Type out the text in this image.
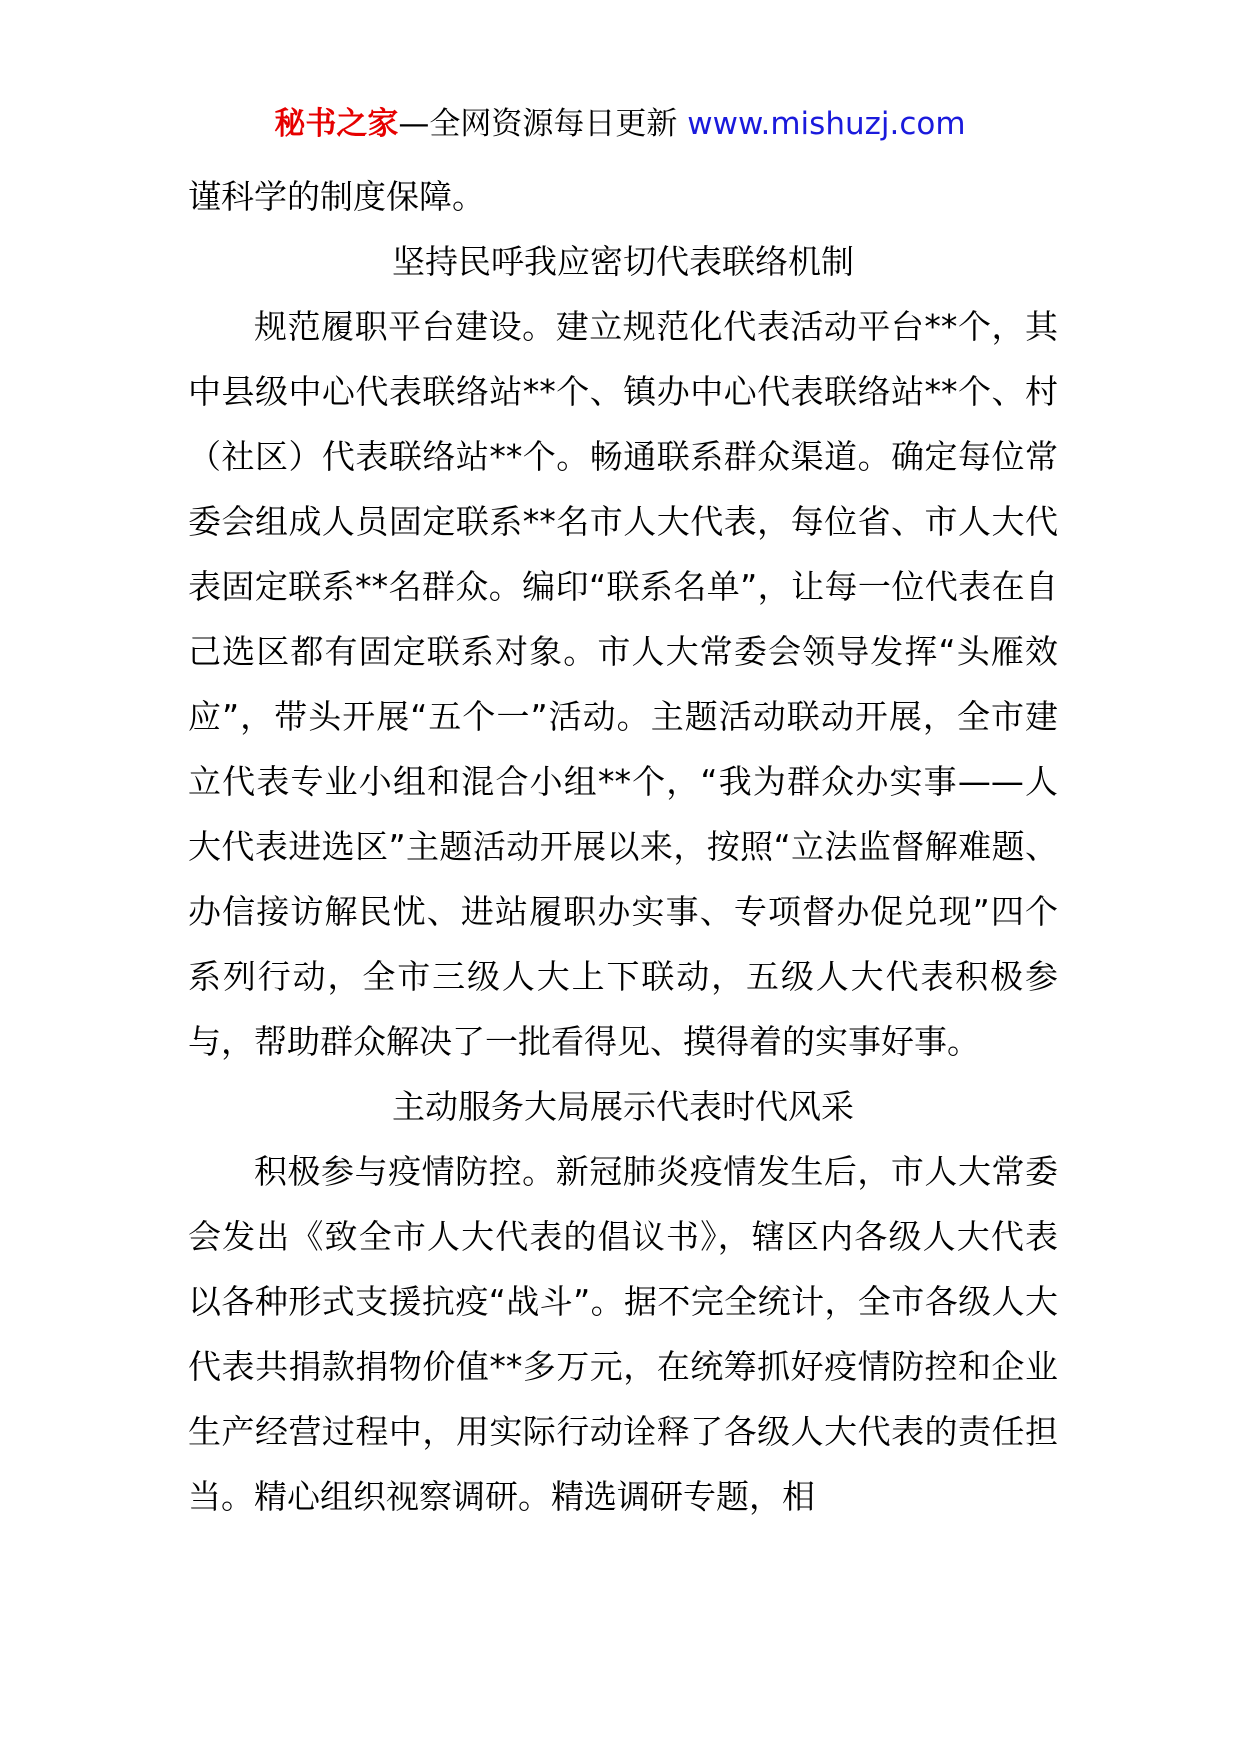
秘书之家—全网资源每日更新 www.mishuzj.com

谨科学的制度保障。

坚持民呼我应密切代表联络机制

规范履职平台建设。建立规范化代表活动平台**个，其中县级中心代表联络站**个、镇办中心代表联络站**个、村（社区）代表联络站**个。畅通联系群众渠道。确定每位常委会组成人员固定联系**名市人大代表，每位省、市人大代表固定联系**名群众。编印“联系名单”，让每一位代表在自己选区都有固定联系对象。市人大常委会领导发挥“头雁效应”，带头开展“五个一”活动。主题活动联动开展，全市建立代表专业小组和混合小组**个，“我为群众办实事——人大代表进选区”主题活动开展以来，按照“立法监督解难题、办信接访解民忧、进站履职办实事、专项督办促兑现”四个系列行动，全市三级人大上下联动，五级人大代表积极参与，帮助群众解决了一批看得见、摸得着的实事好事。

主动服务大局展示代表时代风采

积极参与疫情防控。新冠肺炎疫情发生后，市人大常委会发出《致全市人大代表的倡议书》，辖区内各级人大代表以各种形式支援抗疫“战斗”。据不完全统计，全市各级人大代表共捐款捐物价值**多万元，在统筹抓好疫情防控和企业生产经营过程中，用实际行动诠释了各级人大代表的责任担当。精心组织视察调研。精选调研专题，相
